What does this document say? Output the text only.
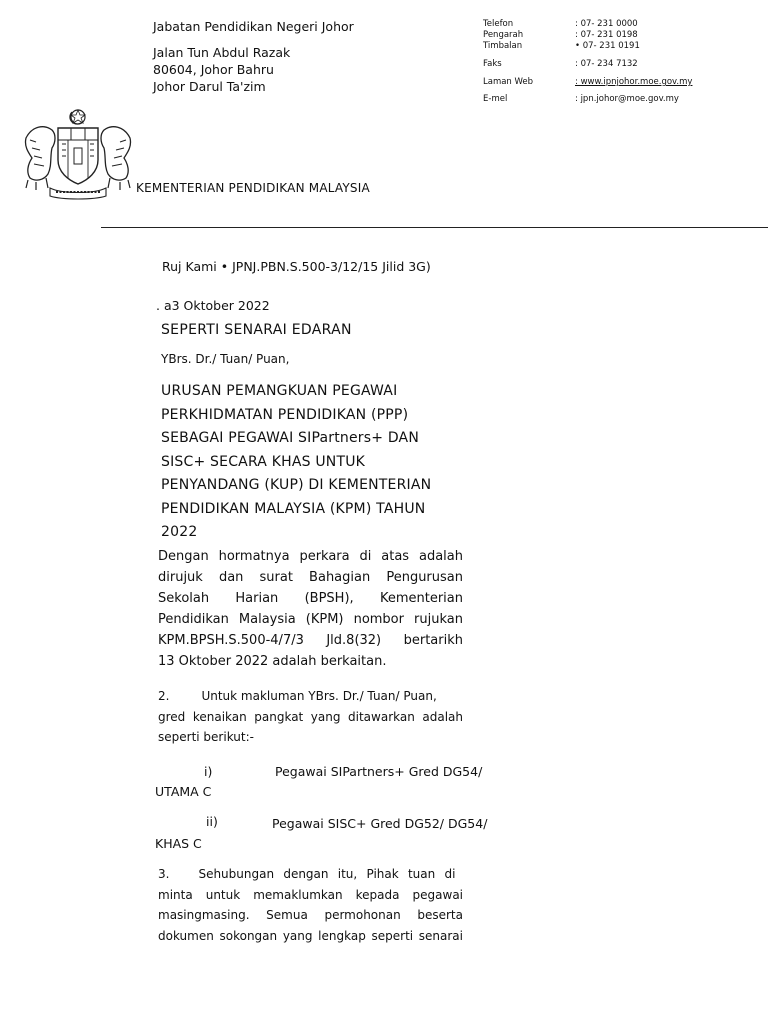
Jabatan Pendidikan Negeri Johor
Jalan Tun Abdul Razak
80604, Johor Bahru
Johor Darul Ta'zim
Telefon	: 07- 231 0000
Pengarah	: 07- 231 0198
Timbalan	• 07- 231 0191
Faks	: 07- 234 7132
Laman Web	: www.ipnjohor.moe.gov.my
E-mel	: jpn.johor@moe.gov.my
KEMENTERIAN PENDIDIKAN MALAYSIA
Ruj Kami • JPNJ.PBN.S.500-3/12/15 Jilid 3G)
. a3 Oktober 2022
SEPERTI SENARAI EDARAN
YBrs. Dr./ Tuan/ Puan,
URUSAN PEMANGKUAN PEGAWAI
PERKHIDMATAN PENDIDIKAN (PPP)
SEBAGAI PEGAWAI SIPartners+ DAN
SISC+ SECARA KHAS UNTUK
PENYANDANG (KUP) DI KEMENTERIAN
PENDIDIKAN MALAYSIA (KPM) TAHUN
2022
Dengan hormatnya perkara di atas adalah
dirujuk dan surat Bahagian Pengurusan
Sekolah Harian (BPSH), Kementerian
Pendidikan Malaysia (KPM) nombor rujukan
KPM.BPSH.S.500-4/7/3 Jld.8(32) bertarikh
13 Oktober 2022 adalah berkaitan.
2.	Untuk makluman YBrs. Dr./ Tuan/ Puan,
gred kenaikan pangkat yang ditawarkan adalah
seperti berikut:-
i)	Pegawai SIPartners+ Gred DG54/
UTAMA C
ii)	Pegawai SISC+ Gred DG52/ DG54/
KHAS C
3. Sehubungan dengan itu, Pihak tuan di
minta untuk memaklumkan kepada pegawai
masingmasing. Semua permohonan beserta
dokumen sokongan yang lengkap seperti senarai
